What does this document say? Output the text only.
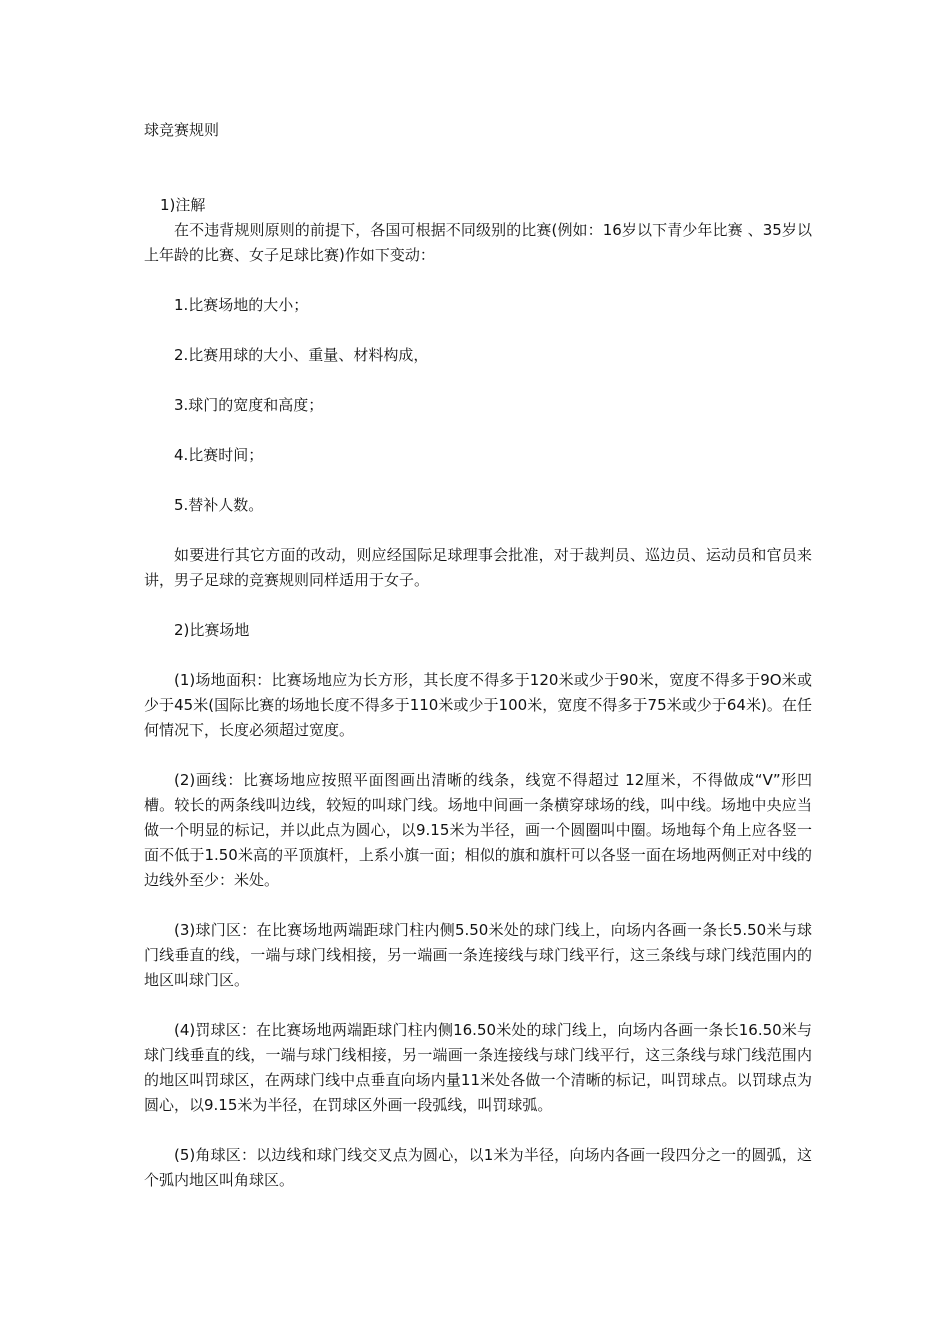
球竞赛规则

1)注解

在不违背规则原则的前提下，各国可根据不同级别的比赛(例如：16岁以下青少年比赛 、35岁以上年龄的比赛、女子足球比赛)作如下变动：

1.比赛场地的大小；

2.比赛用球的大小、重量、材料构成，

3.球门的宽度和高度；

4.比赛时间；

5.替补人数。

如要进行其它方面的改动，则应经国际足球理事会批准，对于裁判员、巡边员、运动员和官员来讲，男子足球的竞赛规则同样适用于女子。

2)比赛场地

(1)场地面积：比赛场地应为长方形，其长度不得多于120米或少于90米，宽度不得多于9O米或少于45米(国际比赛的场地长度不得多于110米或少于100米，宽度不得多于75米或少于64米)。在任何情况下，长度必须超过宽度。

(2)画线：比赛场地应按照平面图画出清晰的线条，线宽不得超过 12厘米，不得做成“V”形凹槽。较长的两条线叫边线，较短的叫球门线。场地中间画一条横穿球场的线，叫中线。场地中央应当做一个明显的标记，并以此点为圆心，以9.15米为半径，画一个圆圈叫中圈。场地每个角上应各竖一面不低于1.50米高的平顶旗杆，上系小旗一面；相似的旗和旗杆可以各竖一面在场地两侧正对中线的边线外至少：米处。

(3)球门区：在比赛场地两端距球门柱内侧5.50米处的球门线上，向场内各画一条长5.50米与球门线垂直的线，一端与球门线相接，另一端画一条连接线与球门线平行，这三条线与球门线范围内的地区叫球门区。

(4)罚球区：在比赛场地两端距球门柱内侧16.50米处的球门线上，向场内各画一条长16.50米与球门线垂直的线，一端与球门线相接，另一端画一条连接线与球门线平行，这三条线与球门线范围内的地区叫罚球区，在两球门线中点垂直向场内量11米处各做一个清晰的标记，叫罚球点。以罚球点为圆心，以9.15米为半径，在罚球区外画一段弧线，叫罚球弧。

(5)角球区：以边线和球门线交叉点为圆心，以1米为半径，向场内各画一段四分之一的圆弧，这个弧内地区叫角球区。
